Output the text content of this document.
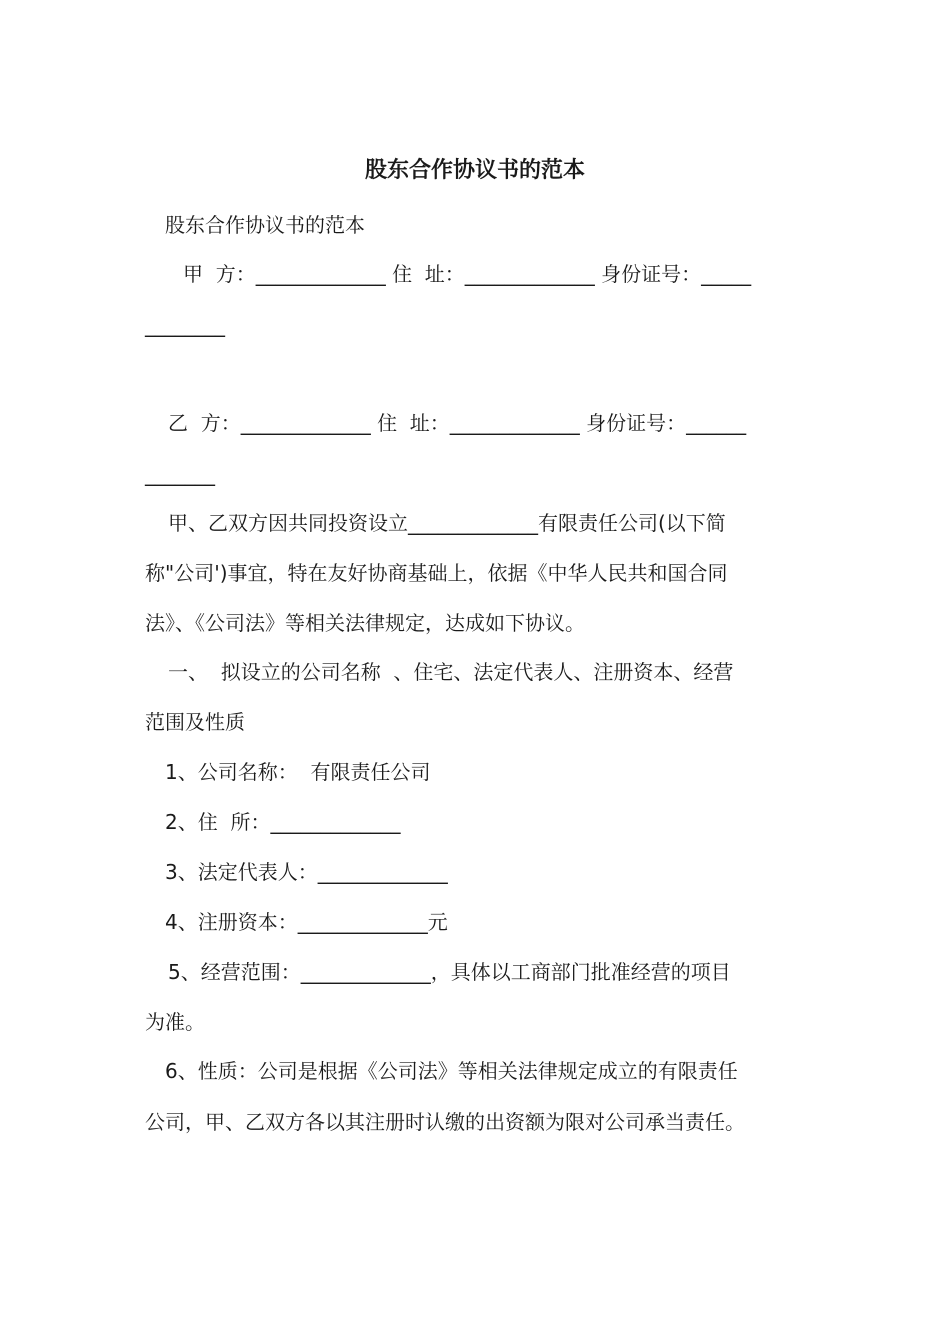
股东合作协议书的范本
股东合作协议书的范本
甲  方：_____________ 住  址：_____________ 身份证号：_____
________
乙  方：_____________ 住  址：_____________ 身份证号：______
_______
甲、乙双方因共同投资设立_____________有限责任公司(以下简
称"公司')事宜，特在友好协商基础上，依据《中华人民共和国合同
法》、《公司法》等相关法律规定，达成如下协议。
一、  拟设立的公司名称  、住宅、法定代表人、注册资本、经营
范围及性质
1、公司名称：  有限责任公司
2、住  所：_____________
3、法定代表人：_____________
4、注册资本：_____________元
5、经营范围：_____________，具体以工商部门批准经营的项目
为准。
6、性质：公司是根据《公司法》等相关法律规定成立的有限责任
公司，甲、乙双方各以其注册时认缴的出资额为限对公司承当责任。
